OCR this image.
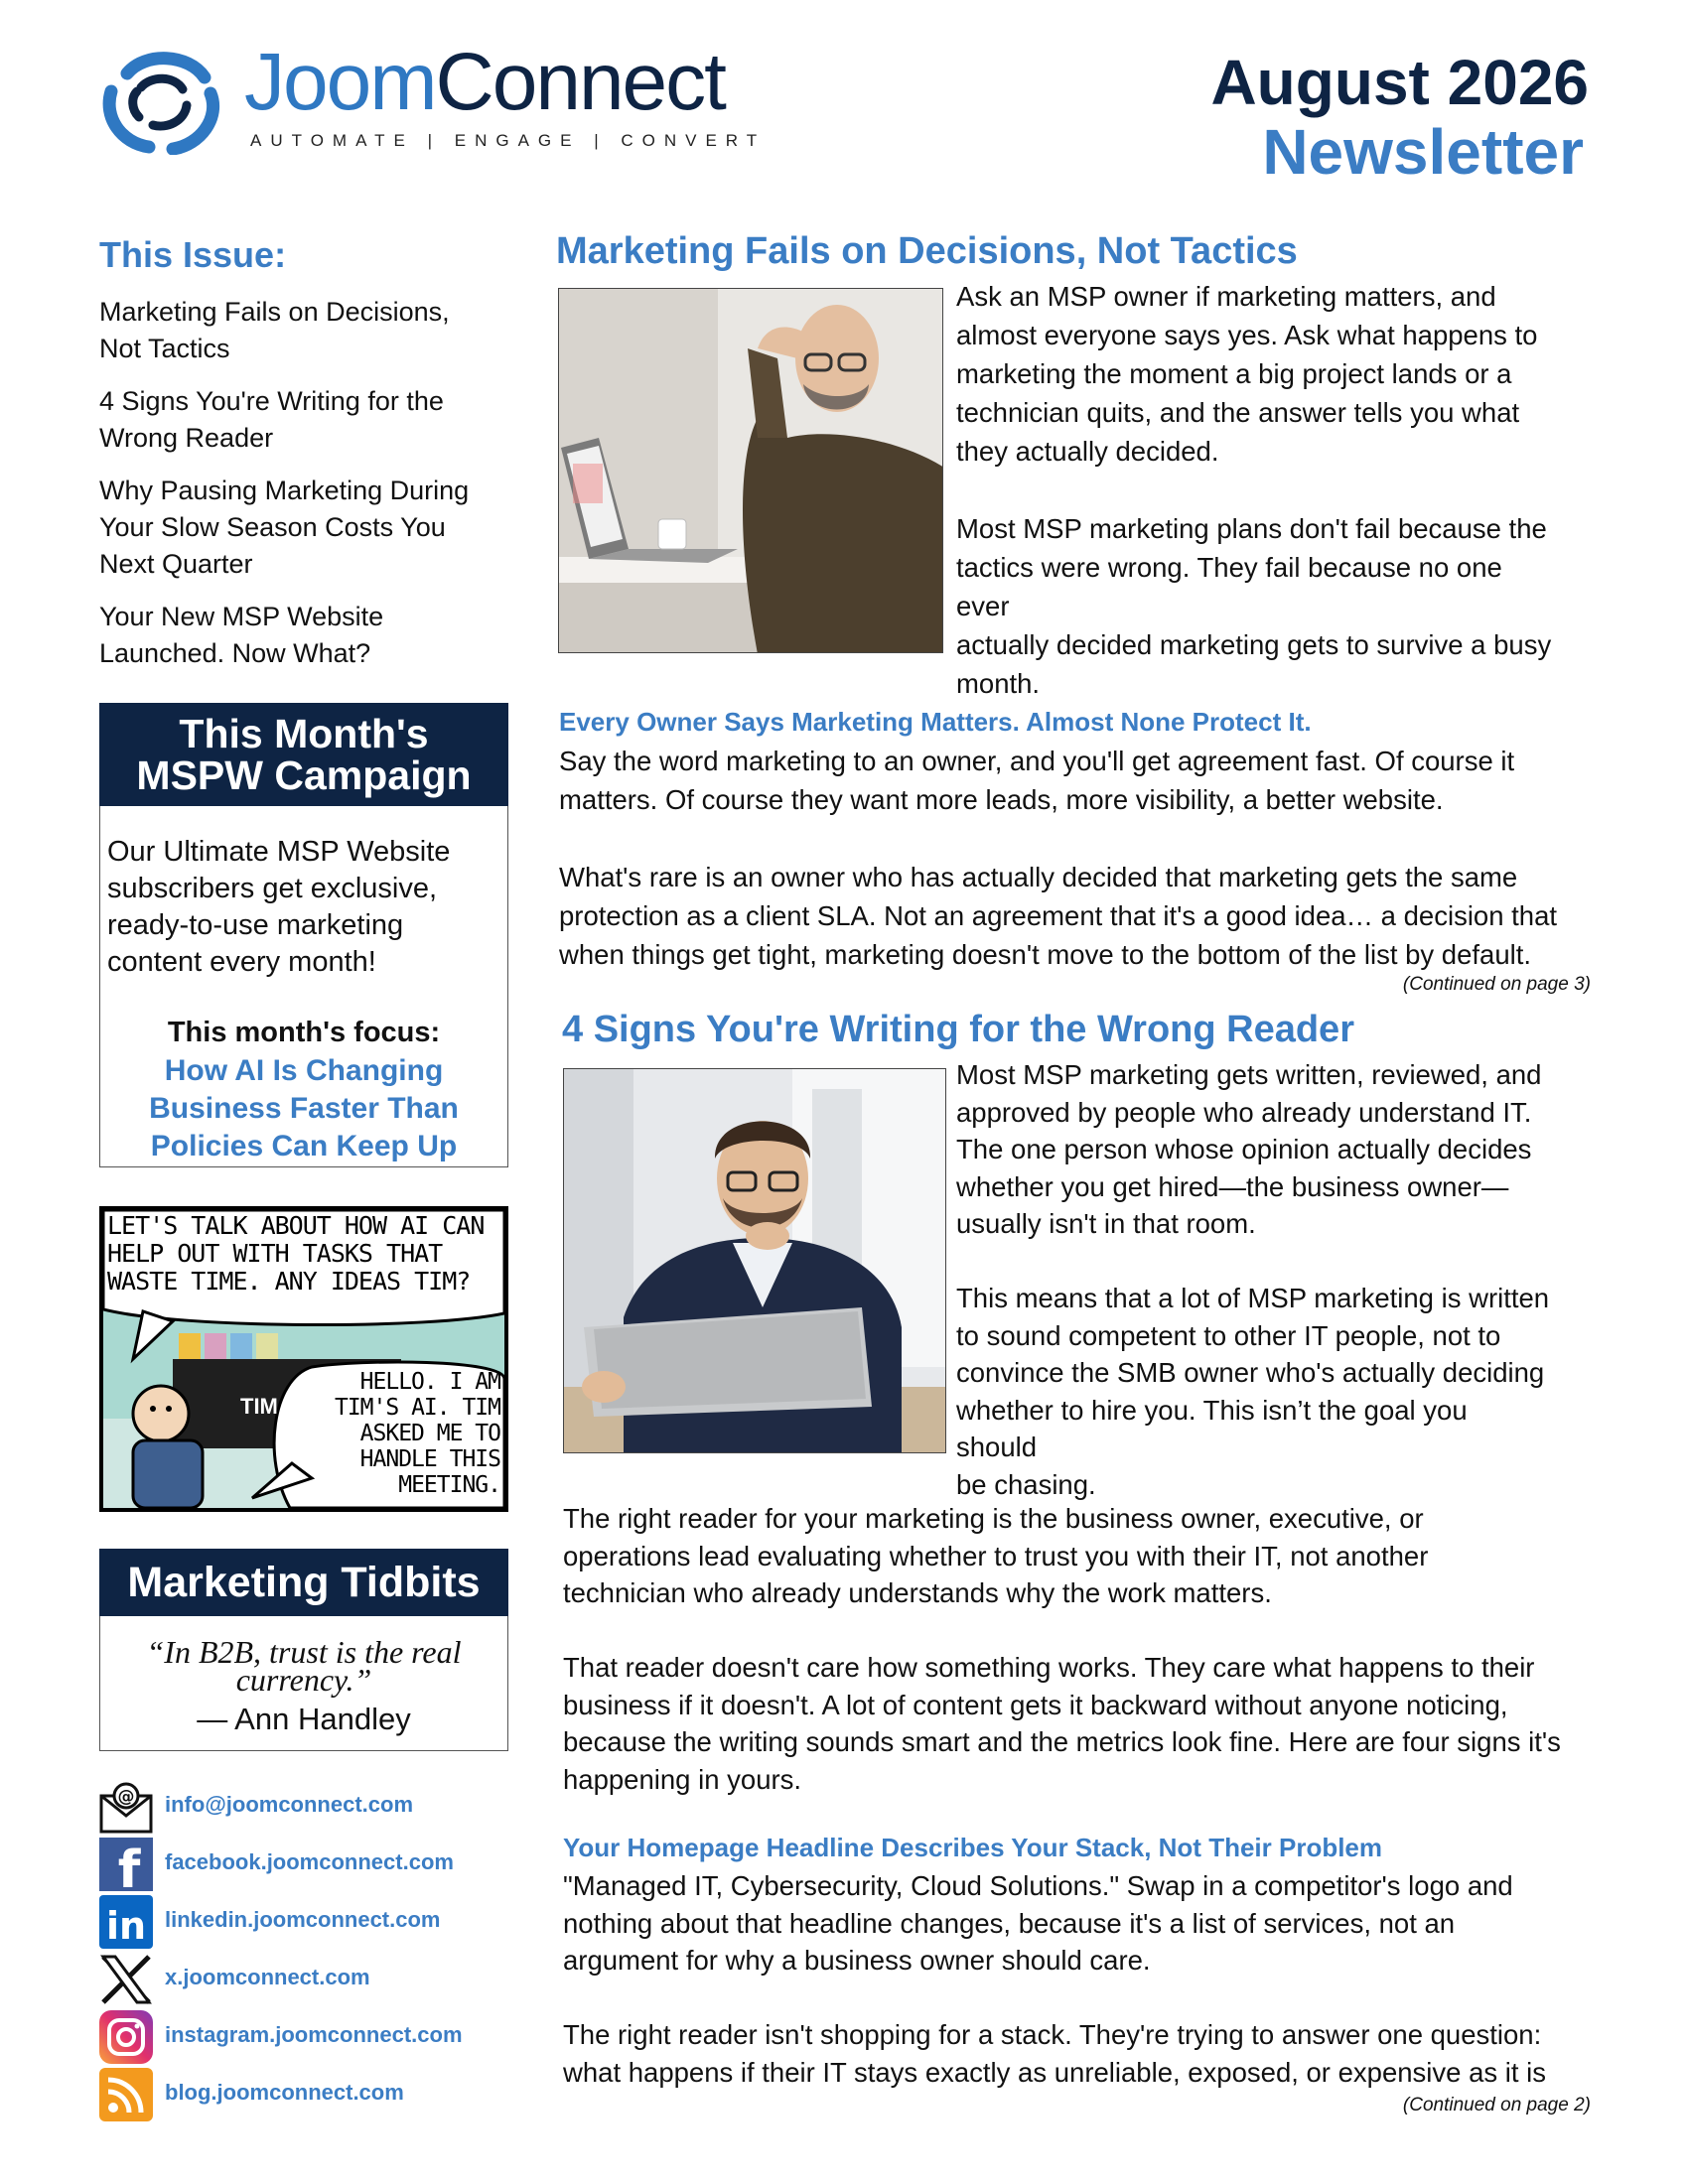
JoomConnect
AUTOMATE | ENGAGE | CONVERT
August 2026
Newsletter
This Issue:
Marketing Fails on Decisions, Not Tactics
4 Signs You're Writing for the Wrong Reader
Why Pausing Marketing During Your Slow Season Costs You Next Quarter
Your New MSP Website Launched. Now What?
This Month's
MSPW Campaign
Our Ultimate MSP Website subscribers get exclusive, ready-to-use marketing content every month!
This month's focus:
How AI Is Changing Business Faster Than Policies Can Keep Up
LET'S TALK ABOUT HOW AI CAN HELP OUT WITH TASKS THAT WASTE TIME. ANY IDEAS TIM?
TIM
HELLO. I AM TIM'S AI. TIM ASKED ME TO HANDLE THIS MEETING.
Marketing Tidbits
“In B2B, trust is the real currency.”
— Ann Handley
@ info@joomconnect.com
f facebook.joomconnect.com
in linkedin.joomconnect.com
x.joomconnect.com
instagram.joomconnect.com
blog.joomconnect.com
Marketing Fails on Decisions, Not Tactics
Ask an MSP owner if marketing matters, and
almost everyone says yes. Ask what happens to
marketing the moment a big project lands or a
technician quits, and the answer tells you what
they actually decided.
Most MSP marketing plans don't fail because the
tactics were wrong. They fail because no one ever
actually decided marketing gets to survive a busy
month.
Every Owner Says Marketing Matters. Almost None Protect It.
Say the word marketing to an owner, and you'll get agreement fast. Of course it
matters. Of course they want more leads, more visibility, a better website.
What's rare is an owner who has actually decided that marketing gets the same
protection as a client SLA. Not an agreement that it's a good idea… a decision that
when things get tight, marketing doesn't move to the bottom of the list by default.
(Continued on page 3)
4 Signs You're Writing for the Wrong Reader
Most MSP marketing gets written, reviewed, and
approved by people who already understand IT.
The one person whose opinion actually decides
whether you get hired—the business owner—
usually isn't in that room.
This means that a lot of MSP marketing is written
to sound competent to other IT people, not to
convince the SMB owner who's actually deciding
whether to hire you. This isn’t the goal you should
be chasing.
The right reader for your marketing is the business owner, executive, or
operations lead evaluating whether to trust you with their IT, not another
technician who already understands why the work matters.
That reader doesn't care how something works. They care what happens to their
business if it doesn't. A lot of content gets it backward without anyone noticing,
because the writing sounds smart and the metrics look fine. Here are four signs it's
happening in yours.
Your Homepage Headline Describes Your Stack, Not Their Problem
"Managed IT, Cybersecurity, Cloud Solutions." Swap in a competitor's logo and
nothing about that headline changes, because it's a list of services, not an
argument for why a business owner should care.
The right reader isn't shopping for a stack. They're trying to answer one question:
what happens if their IT stays exactly as unreliable, exposed, or expensive as it is
(Continued on page 2)
